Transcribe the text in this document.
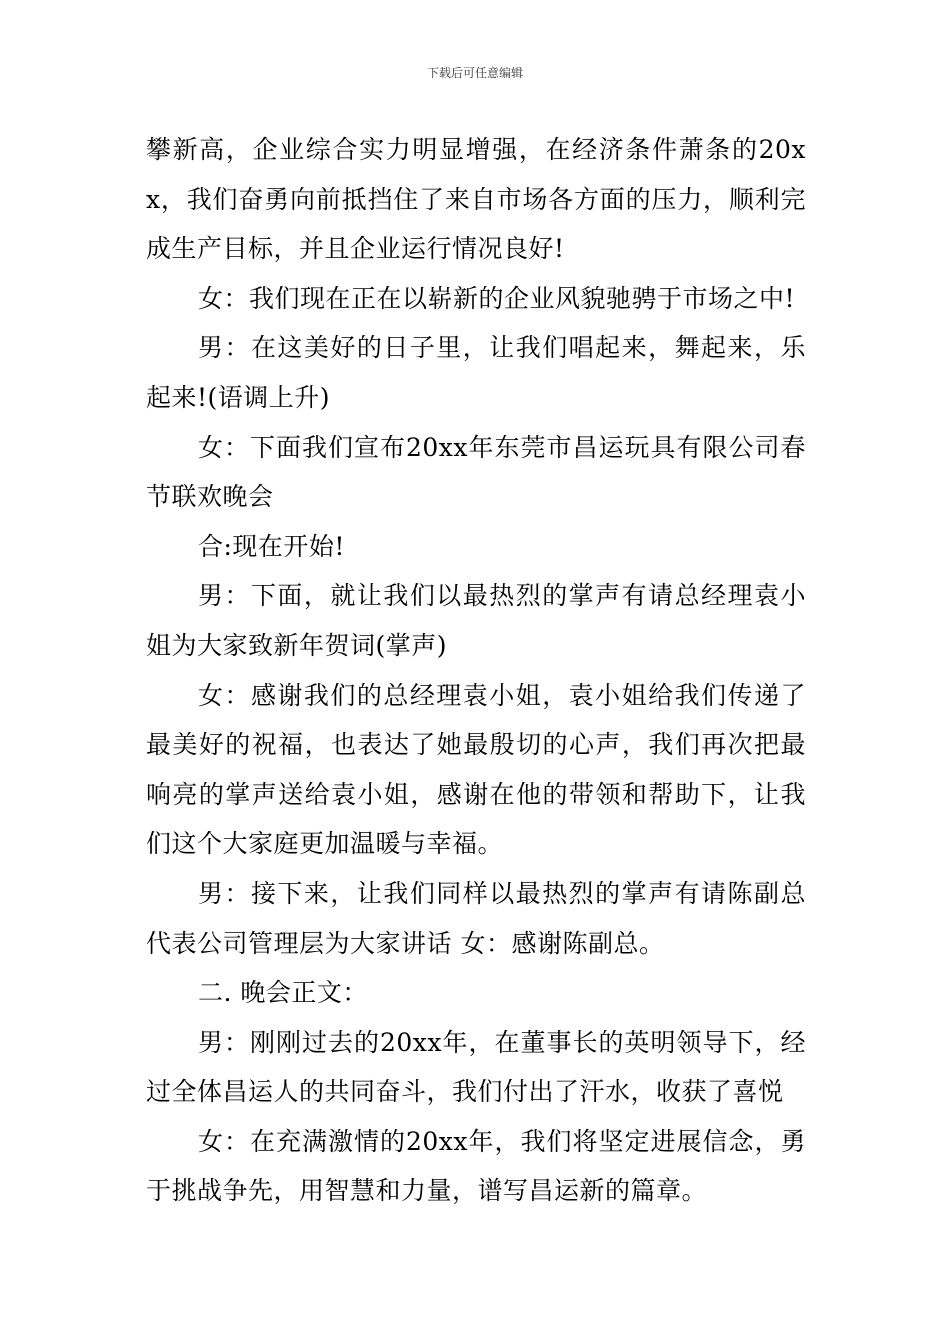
下载后可任意编辑

攀新高，企业综合实力明显增强，在经济条件萧条的20xx，我们奋勇向前抵挡住了来自市场各方面的压力，顺利完成生产目标，并且企业运行情况良好!

女：我们现在正在以崭新的企业风貌驰骋于市场之中!

男：在这美好的日子里，让我们唱起来，舞起来，乐起来!(语调上升)

女：下面我们宣布20xx年东莞市昌运玩具有限公司春节联欢晚会

合:现在开始!

男：下面，就让我们以最热烈的掌声有请总经理袁小姐为大家致新年贺词(掌声)

女：感谢我们的总经理袁小姐，袁小姐给我们传递了最美好的祝福，也表达了她最殷切的心声，我们再次把最响亮的掌声送给袁小姐，感谢在他的带领和帮助下，让我们这个大家庭更加温暖与幸福。

男：接下来，让我们同样以最热烈的掌声有请陈副总代表公司管理层为大家讲话 女：感谢陈副总。

二. 晚会正文：

男：刚刚过去的20xx年，在董事长的英明领导下，经过全体昌运人的共同奋斗，我们付出了汗水，收获了喜悦

女：在充满激情的20xx年，我们将坚定进展信念，勇于挑战争先，用智慧和力量，谱写昌运新的篇章。
